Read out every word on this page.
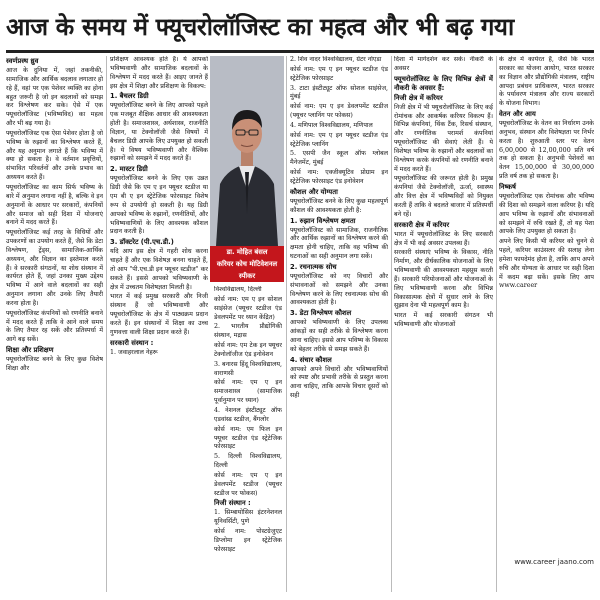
आज के समय में फ्यूचरोलॉजिस्ट का महत्व और भी बढ़ गया
स्वर्णप्रस्थ ध्रुव

आज के दुनिया में, जहां तकनीकी, सामाजिक और आर्थिक बदलाव लगातार हो रहे हैं, वहां पर एक पेशेवर व्यक्ति का होना बहुत जरूरी है जो इन बदलावों को समझ कर विश्लेषण कर सके। ऐसे में एक फ्यूचरोलॉजिस्ट (भविष्यविद) का महत्व और भी बढ़ गया है।

फ्यूचरोलॉजिस्ट एक ऐसा पेशेवर होता है जो भविष्य के रुझानों का विश्लेषण करते हैं, और यह अनुमान लगाते हैं कि भविष्य में क्या हो सकता है। वे वर्तमान प्रवृत्तियों, संभावित परिवर्तनों और उनके प्रभाव का अध्ययन करते हैं।

फ्यूचरोलॉजिस्ट का काम सिर्फ भविष्य के बारे में अनुमान लगाना नहीं है, बल्कि वे इन अनुमानों के आधार पर सरकारों, कंपनियों और समाज को सही दिशा में योजनाएं बनाने में मदद करते हैं।

फ्यूचरोलॉजिस्ट कई तरह के विधियों और उपकरणों का उपयोग करते हैं, जैसे कि डेटा विश्लेषण, ट्रेंड्स, सामाजिक-आर्थिक अध्ययन, और विज्ञान का इस्तेमाल करते हैं। वे सरकारी संगठनों, या शोध संस्थान में कार्यरत होते हैं, जहां उनका मुख्य उद्देश्य भविष्य में आने वाले बदलावों का सही अनुमान लगाना और उनके लिए तैयारी करना होता है।

फ्यूचरोलॉजिस्ट कंपनियों को रणनीति बनाने में मदद करते हैं ताकि वे आने वाले समय के लिए तैयार रह सकें और प्रतिस्पर्धा में आगे बढ़ सकें।

शिक्षा और प्रशिक्षण

फ्यूचरोलॉजिस्ट बनने के लिए कुछ विशेष शिक्षा और

प्रशिक्षण आवश्यक होते हैं। ये आपको भविष्यवाणी और सामाजिक बदलावों के विश्लेषण में मदद करते हैं। आइए जानते हैं इस क्षेत्र में शिक्षा और प्रशिक्षण के विकल्प:

1. बैचलर डिग्री

फ्यूचरोलॉजिस्ट बनने के लिए आपको पहले एक मजबूत शैक्षिक आधार की आवश्यकता होती है। समाजशास्त्र, अर्थशास्त्र, राजनीति विज्ञान, या टेक्नोलॉजी जैसे विषयों में बैचलर डिग्री आपके लिए उपयुक्त हो सकती है। ये विषय भविष्यवाणी और वैश्विक रुझानों को समझने में मदद करते हैं।

2. मास्टर डिग्री

फ्यूचरोलॉजिस्ट बनने के लिए एक उन्नत डिग्री जैसे कि एम ए इन फ्यूचर स्टडीज या एम बी ए इन स्ट्रेटेजिक फोरसाइट विशेष रूप से उपयोगी हो सकती है। यह डिग्री आपको भविष्य के रुझानों, रणनीतियों, और भविष्यवाणियों के लिए आवश्यक कौशल प्रदान करती है।

3. डॉक्टरेट (पी.एच.डी.)

यदि आप इस क्षेत्र में गहरी शोध करना चाहते हैं और एक विशेषज्ञ बनना चाहते हैं, तो आप "पी.एच.डी इन फ्यूचर स्टडीज" कर सकते हैं। इससे आपको भविष्यवाणी के क्षेत्र में उच्चतम विशेषज्ञता मिलती है।

भारत में कई प्रमुख सरकारी और निजी संस्थान हैं जो भविष्यवाणी और फ्यूचरोलॉजिस्ट के क्षेत्र में पाठ्यक्रम प्रदान करते हैं। इन संस्थानों में शिक्षा का उच्च गुणवत्ता वाली शिक्षा प्रदान करते हैं।

सरकारी संस्थान :

1. जवाहरलाल नेहरू

डा. मोहित बंसल
करियर कोच मोटिवेशनल स्पीकर

विश्वविद्यालय, दिल्ली

कोर्स नाम: एम ए इन सोशल साइंसेज (फ्यूचर स्टडीज एंड डेवलपमेंट पर ध्यान केंद्रित)

2. भारतीय प्रौद्योगिकी संस्थान, मद्रास

कोर्स नाम: एम टेक इन फ्यूचर टेक्नोलॉजीज एंड इनोवेशन

3. बनारस हिंदू विश्वविद्यालय, वाराणसी

कोर्स नाम: एम ए इन समाजशास्त्र (सामाजिक पूर्वानुमान पर ध्यान)

4. नेशनल इंस्टीट्यूट ऑफ एडवांस्ड स्टडीज, बैंगलोर

कोर्स नाम: एम फिल इन फ्यूचर स्टडीज एंड स्ट्रेटेजिक फोरसाइट

5. दिल्ली विश्वविद्यालय, दिल्ली

कोर्स नाम: एम ए इन डेवलपमेंट स्टडीज (फ्यूचर स्टडीज पर फोकस)

निजी संस्थान :

1. सिम्बायोसिस इंटरनेशनल यूनिवर्सिटी, पुणे

कोर्स नाम: पोस्टग्रेजुएट डिप्लोमा इन स्ट्रेटेजिक फोरसाइट

2. शिव नादर विश्वविद्यालय, ग्रेटर नोएडा

कोर्स नाम: एम ए इन फ्यूचर स्टडीज एंड स्ट्रेटेजिक फोरसाइट

3. टाटा इंस्टीट्यूट ऑफ सोशल साइंसेज, मुंबई

कोर्स नाम: एम ए इन डेवलपमेंट स्टडीज (फ्यूचर प्लानिंग पर फोकस)

4. मणिपाल विश्वविद्यालय, मणिपाल

कोर्स नाम: एम ए इन फ्यूचर स्टडीज एंड स्ट्रेटेजिक प्लानिंग

5. एसपी जैन स्कूल ऑफ ग्लोबल मैनेजमेंट, मुंबई

कोर्स नाम: एक्जीक्यूटिव प्रोग्राम इन स्ट्रेटेजिक फोरसाइट एंड इनोवेशन

कौशल और योग्यता

फ्यूचरोलॉजिस्ट बनने के लिए कुछ महत्वपूर्ण कौशल की आवश्यकता होती है:

1. रुझान विश्लेषण क्षमता

फ्यूचरोलॉजिस्ट को सामाजिक, राजनीतिक और आर्थिक रुझानों का विश्लेषण करने की क्षमता होनी चाहिए, ताकि वह भविष्य की घटनाओं का सही अनुमान लगा सकें।

2. रचनात्मक सोच

फ्यूचरोलॉजिस्ट को नए विचारों और संभावनाओं को समझने और उनका विश्लेषण करने के लिए रचनात्मक सोच की आवश्यकता होती है।

3. डेटा विश्लेषण कौशल

आपको भविष्यवाणी के लिए उपलब्ध आंकड़ों का सही तरीके से विश्लेषण करना आना चाहिए। इससे आप भविष्य के विकास को बेहतर तरीके से समझ सकते हैं।

4. संचार कौशल

आपको अपने विचारों और भविष्यवाणियों को स्पष्ट और प्रभावी तरीके से प्रस्तुत करना आना चाहिए, ताकि आपके विचार दूसरों को सही

दिशा में मार्गदर्शन कर सकें। नीकरी के अवसर

फ्यूचरोलॉजिस्ट के लिए विभिन्न क्षेत्रों में नौकरी के अवसर हैं:
निजी क्षेत्र में करियर

निजी क्षेत्र में भी फ्यूचरोलॉजिस्ट के लिए कई रोमांचक और आकर्षक करियर विकल्प हैं। विभिन्न कंपनियां, थिंक टैंक, रिसर्च संस्थान, और रणनीतिक परामर्श कंपनियां फ्यूचरोलॉजिस्ट की सेवाएं लेती हैं। ये विशेषज्ञ भविष्य के रुझानों और बदलावों का विश्लेषण करके कंपनियों को रणनीति बनाने में मदद करते हैं।

फ्यूचरोलॉजिस्ट की जरूरत होती है। प्रमुख कंपनियां जैसे टेक्नोलॉजी, ऊर्जा, स्वास्थ्य और वित्त क्षेत्र में भविष्यविदों को नियुक्त करती हैं ताकि वे बदलते बाजार में प्रतिस्पर्धी बने रहें।

सरकारी क्षेत्र में करियर

भारत में फ्यूचरोलॉजिस्ट के लिए सरकारी क्षेत्र में भी कई अवसर उपलब्ध हैं।

सरकारी संस्थाएं भविष्य के विकास, नीति निर्माण, और दीर्घकालिक योजनाओं के लिए भविष्यवाणी की आवश्यकता महसूस करती हैं। सरकारी परियोजनाओं और योजनाओं के लिए भविष्यवाणी करना और विभिन्न विकासात्मक क्षेत्रों में सुधार लाने के लिए सुझाव देना भी महत्वपूर्ण काम है।

भारत में कई सरकारी संगठन भी भविष्यवाणी और योजनाओं

के क्षेत्र में कार्यरत हैं, जैसे कि भारत सरकार का योजना आयोग, भारत सरकार का विज्ञान और प्रौद्योगिकी मंत्रालय, राष्ट्रीय आपदा प्रबंधन प्राधिकरण, भारत सरकार के पर्यावरण मंत्रालय और राज्य सरकारों के योजना विभाग।

वेतन और आय

फ्यूचरोलॉजिस्ट के वेतन का निर्धारण उनके अनुभव, संस्थान और विशेषज्ञता पर निर्भर करता है। शुरुआती स्तर पर वेतन 6,00,000 से 12,00,000 प्रति वर्ष तक हो सकता है। अनुभवी पेशेवरों का वेतन 15,00,000 से 30,00,000 प्रति वर्ष तक हो सकता है।

निष्कर्ष

फ्यूचरोलॉजिस्ट एक रोमांचक और भविष्य की दिशा को समझने वाला करियर है। यदि आप भविष्य के रुझानों और संभावनाओं को समझने में रुचि रखते हैं, तो यह पेशा आपके लिए उपयुक्त हो सकता है।

अपने लिए किसी भी करियर को चुनने से पहले, करियर काउंसलर की सलाह लेना हमेशा फायदेमंद होता है, ताकि आप अपने रुचि और योग्यता के आधार पर सही दिशा में कदम बढ़ा सकें। इसके लिए आप www.career

www.career jaano.com
